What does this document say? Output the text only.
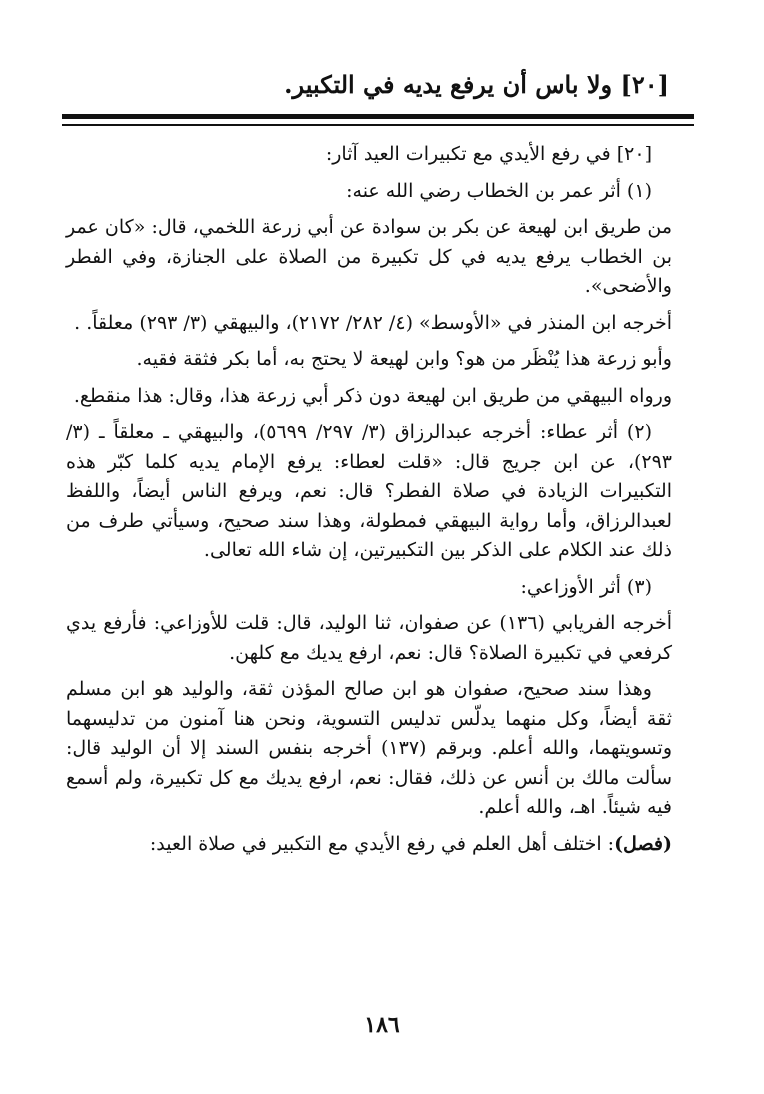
[٢٠] ولا باس أن يرفع يديه في التكبير.

[٢٠] في رفع الأيدي مع تكبيرات العيد آثار:

(١) أثر عمر بن الخطاب رضي الله عنه:

من طريق ابن لهيعة عن بكر بن سوادة عن أبي زرعة اللخمي، قال: «كان عمر بن الخطاب يرفع يديه في كل تكبيرة من الصلاة على الجنازة، وفي الفطر والأضحى».

أخرجه ابن المنذر في «الأوسط» (٤/ ٢٨٢/ ٢١٧٢)، والبيهقي (٣/ ٢٩٣) معلقاً. .

وأبو زرعة هذا يُنْظَر من هو؟ وابن لهيعة لا يحتج به، أما بكر فثقة فقيه.

ورواه البيهقي من طريق ابن لهيعة دون ذكر أبي زرعة هذا، وقال: هذا منقطع.

(٢) أثر عطاء: أخرجه عبدالرزاق (٣/ ٢٩٧/ ٥٦٩٩)، والبيهقي ـ معلقاً ـ (٣/ ٢٩٣)، عن ابن جريج قال: «قلت لعطاء: يرفع الإمام يديه كلما كبّر هذه التكبيرات الزيادة في صلاة الفطر؟ قال: نعم، ويرفع الناس أيضاً، واللفظ لعبدالرزاق، وأما رواية البيهقي فمطولة، وهذا سند صحيح، وسيأتي طرف من ذلك عند الكلام على الذكر بين التكبيرتين، إن شاء الله تعالى.

(٣) أثر الأوزاعي:

أخرجه الفريابي (١٣٦) عن صفوان، ثنا الوليد، قال: قلت للأوزاعي: فأرفع يدي كرفعي في تكبيرة الصلاة؟ قال: نعم، ارفع يديك مع كلهن.

وهذا سند صحيح، صفوان هو ابن صالح المؤذن ثقة، والوليد هو ابن مسلم ثقة أيضاً، وكل منهما يدلّس تدليس التسوية، ونحن هنا آمنون من تدليسهما وتسويتهما، والله أعلم. وبرقم (١٣٧) أخرجه بنفس السند إلا أن الوليد قال: سألت مالك بن أنس عن ذلك، فقال: نعم، ارفع يديك مع كل تكبيرة، ولم أسمع فيه شيئاً. اهـ، والله أعلم.

(فصل): اختلف أهل العلم في رفع الأيدي مع التكبير في صلاة العيد:

١٨٦
